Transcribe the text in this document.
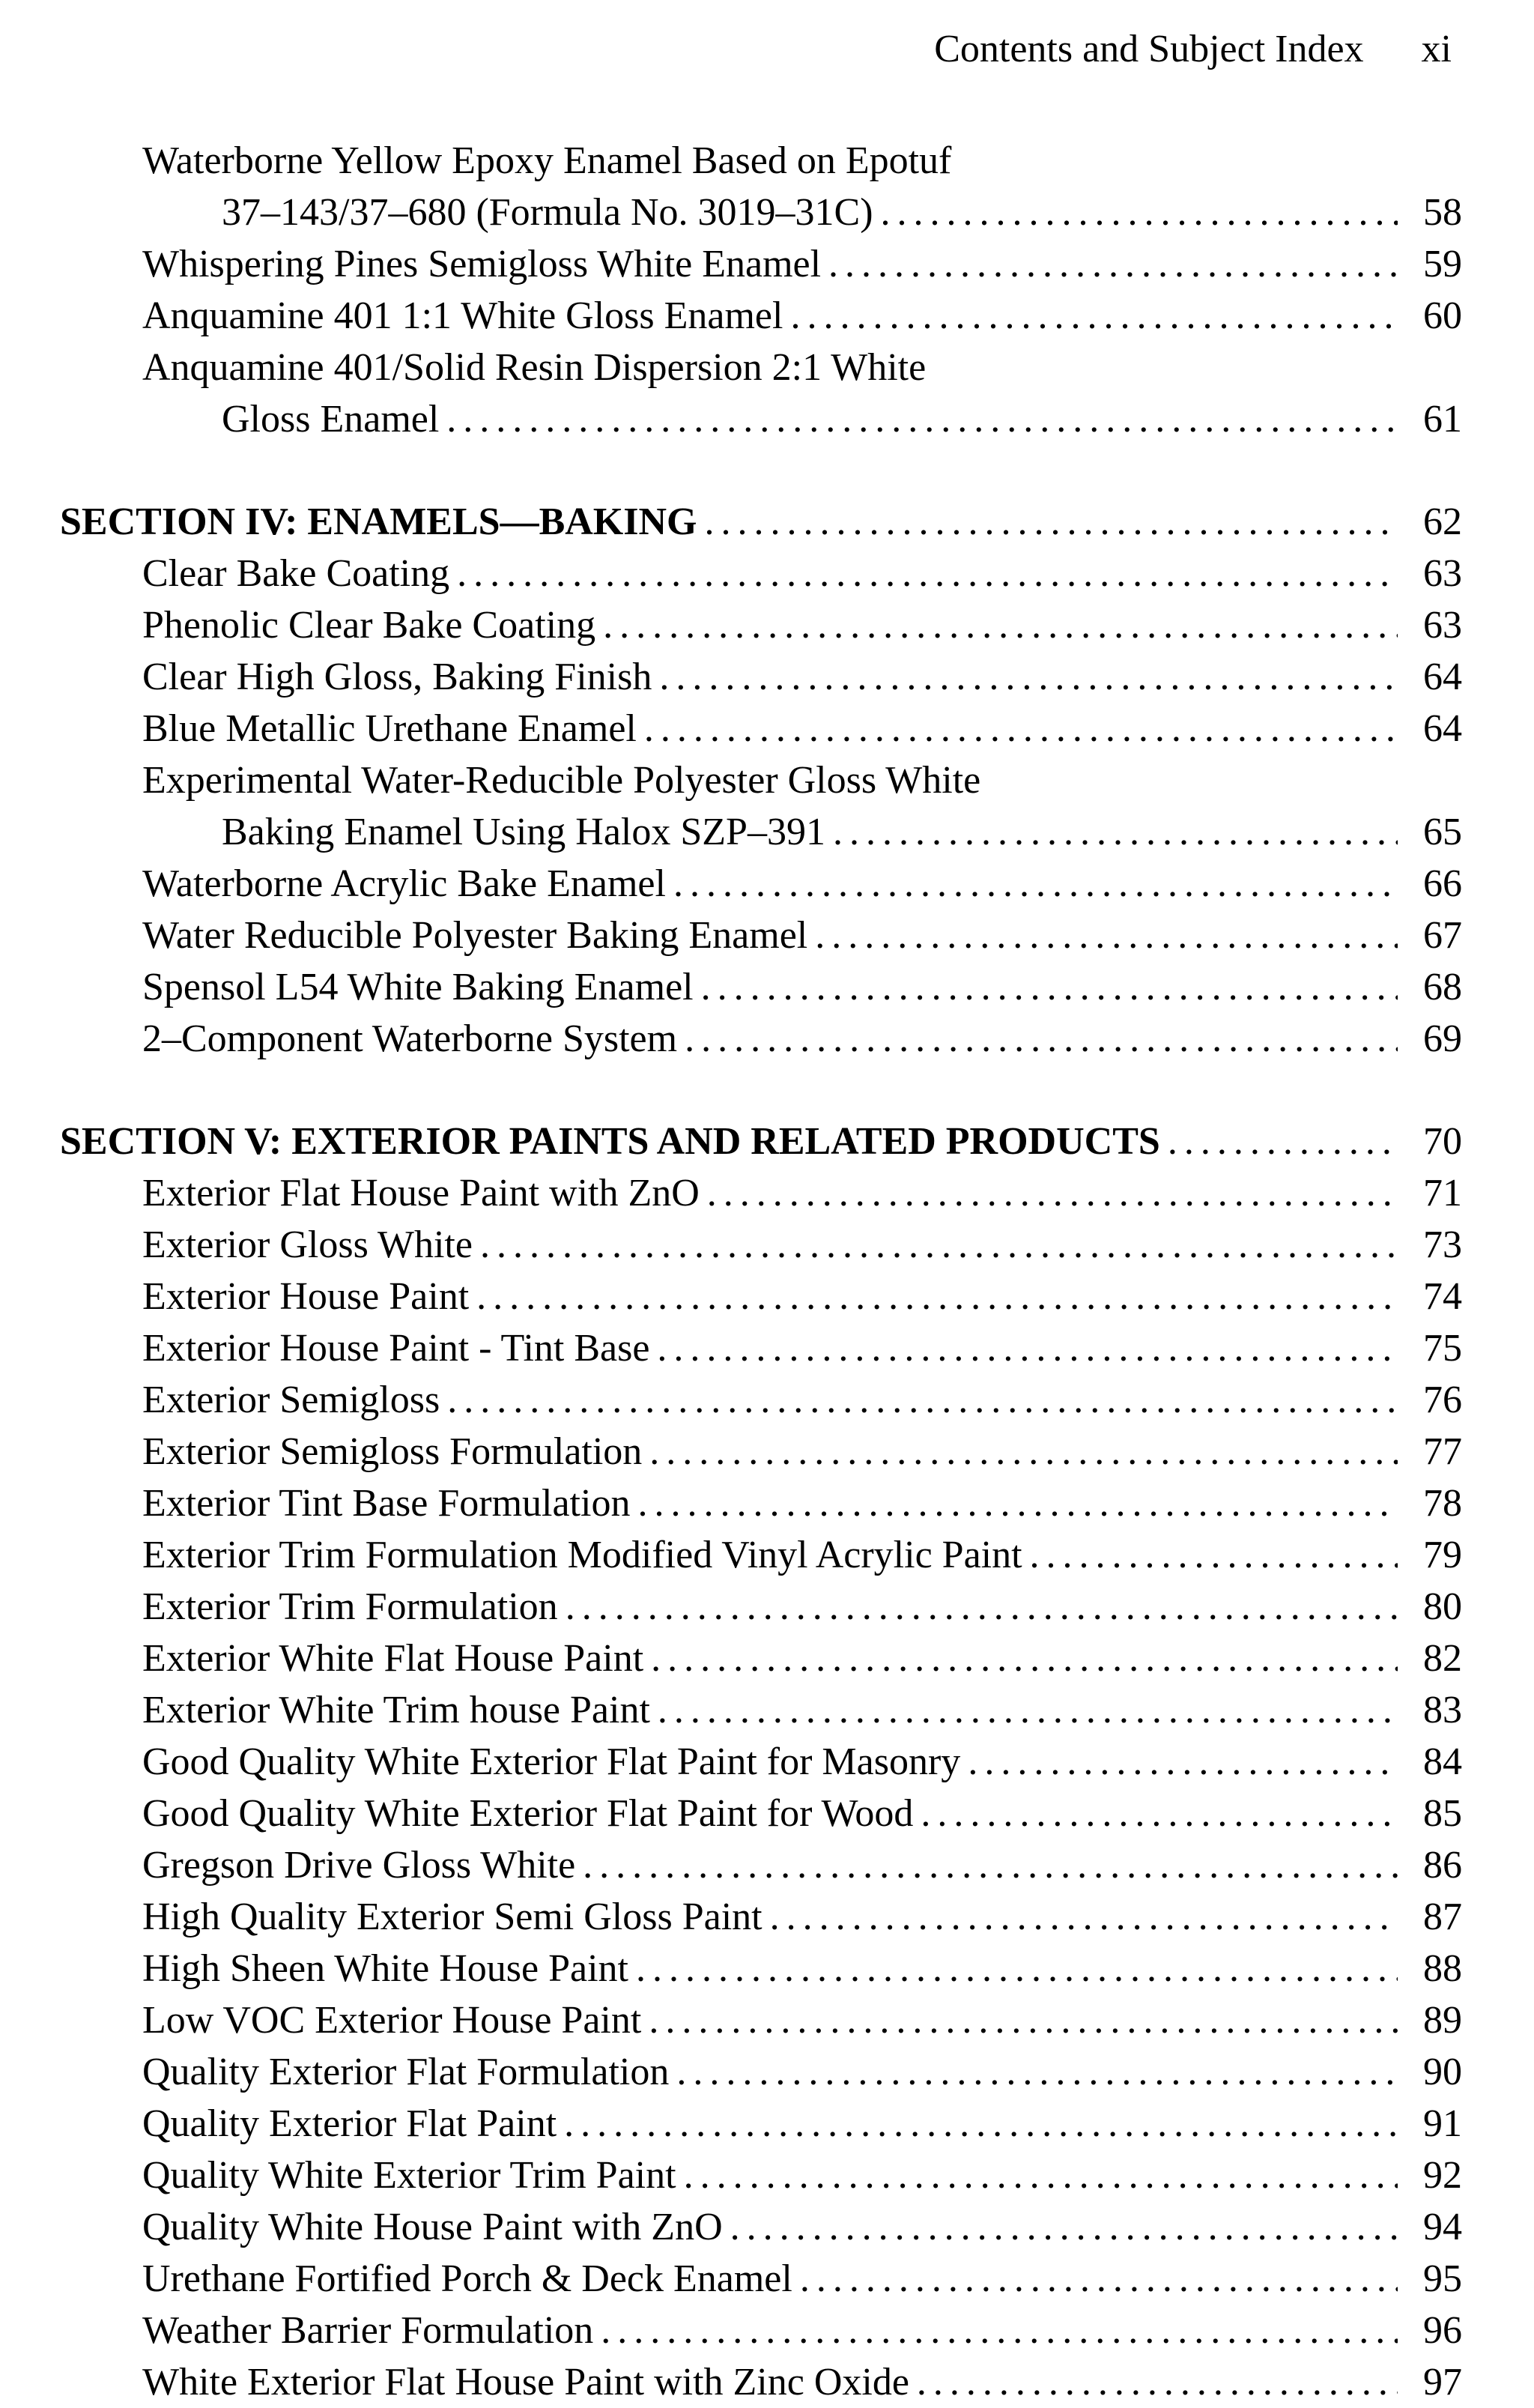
Contents and Subject Index xi
Waterborne Yellow Epoxy Enamel Based on Epotuf
37–143/37–680 (Formula No. 3019–31C) .....	58
Whispering Pines Semigloss White Enamel .....	59
Anquamine 401 1:1 White Gloss Enamel .....	60
Anquamine 401/Solid Resin Dispersion 2:1 White
Gloss Enamel .....	61
SECTION IV: ENAMELS—BAKING .....	62
Clear Bake Coating .....	63
Phenolic Clear Bake Coating .....	63
Clear High Gloss, Baking Finish .....	64
Blue Metallic Urethane Enamel .....	64
Experimental Water-Reducible Polyester Gloss White
Baking Enamel Using Halox SZP–391 .....	65
Waterborne Acrylic Bake Enamel .....	66
Water Reducible Polyester Baking Enamel .....	67
Spensol L54 White Baking Enamel .....	68
2–Component Waterborne System .....	69
SECTION V: EXTERIOR PAINTS AND RELATED PRODUCTS .....	70
Exterior Flat House Paint with ZnO .....	71
Exterior Gloss White .....	73
Exterior House Paint .....	74
Exterior House Paint - Tint Base .....	75
Exterior Semigloss .....	76
Exterior Semigloss Formulation .....	77
Exterior Tint Base Formulation .....	78
Exterior Trim Formulation Modified Vinyl Acrylic Paint .....	79
Exterior Trim Formulation .....	80
Exterior White Flat House Paint .....	82
Exterior White Trim house Paint .....	83
Good Quality White Exterior Flat Paint for Masonry .....	84
Good Quality White Exterior Flat Paint for Wood .....	85
Gregson Drive Gloss White .....	86
High Quality Exterior Semi Gloss Paint .....	87
High Sheen White House Paint .....	88
Low VOC Exterior House Paint .....	89
Quality Exterior Flat Formulation .....	90
Quality Exterior Flat Paint .....	91
Quality White Exterior Trim Paint .....	92
Quality White House Paint with ZnO .....	94
Urethane Fortified Porch & Deck Enamel .....	95
Weather Barrier Formulation .....	96
White Exterior Flat House Paint with Zinc Oxide .....	97
